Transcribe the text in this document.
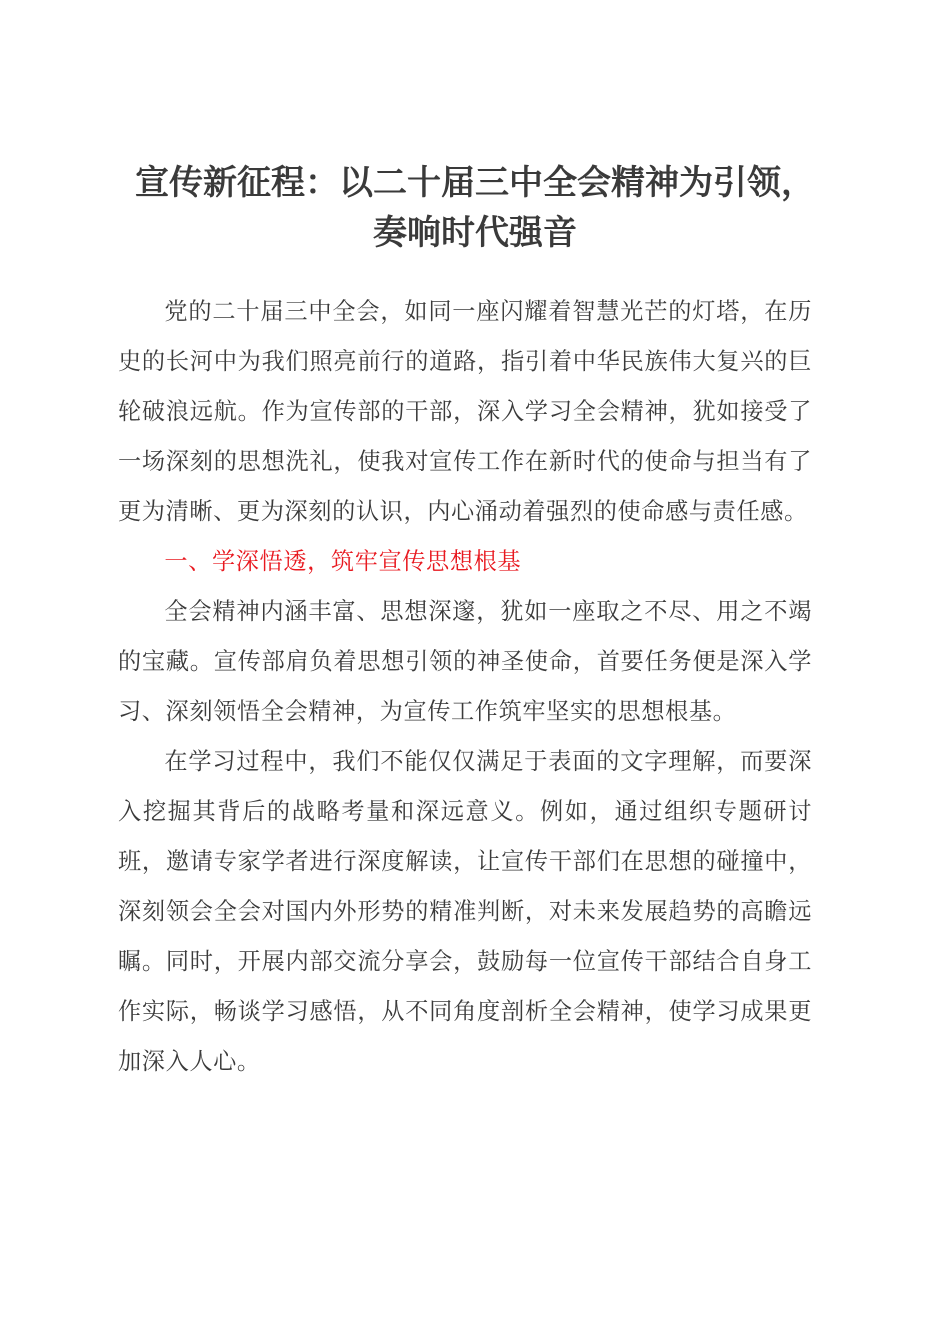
宣传新征程：以二十届三中全会精神为引领，
奏响时代强音

党的二十届三中全会，如同一座闪耀着智慧光芒的灯塔，在历史的长河中为我们照亮前行的道路，指引着中华民族伟大复兴的巨轮破浪远航。作为宣传部的干部，深入学习全会精神，犹如接受了一场深刻的思想洗礼，使我对宣传工作在新时代的使命与担当有了更为清晰、更为深刻的认识，内心涌动着强烈的使命感与责任感。

一、学深悟透，筑牢宣传思想根基

全会精神内涵丰富、思想深邃，犹如一座取之不尽、用之不竭的宝藏。宣传部肩负着思想引领的神圣使命，首要任务便是深入学习、深刻领悟全会精神，为宣传工作筑牢坚实的思想根基。

在学习过程中，我们不能仅仅满足于表面的文字理解，而要深入挖掘其背后的战略考量和深远意义。例如，通过组织专题研讨班，邀请专家学者进行深度解读，让宣传干部们在思想的碰撞中，深刻领会全会对国内外形势的精准判断，对未来发展趋势的高瞻远瞩。同时，开展内部交流分享会，鼓励每一位宣传干部结合自身工作实际，畅谈学习感悟，从不同角度剖析全会精神，使学习成果更加深入人心。
